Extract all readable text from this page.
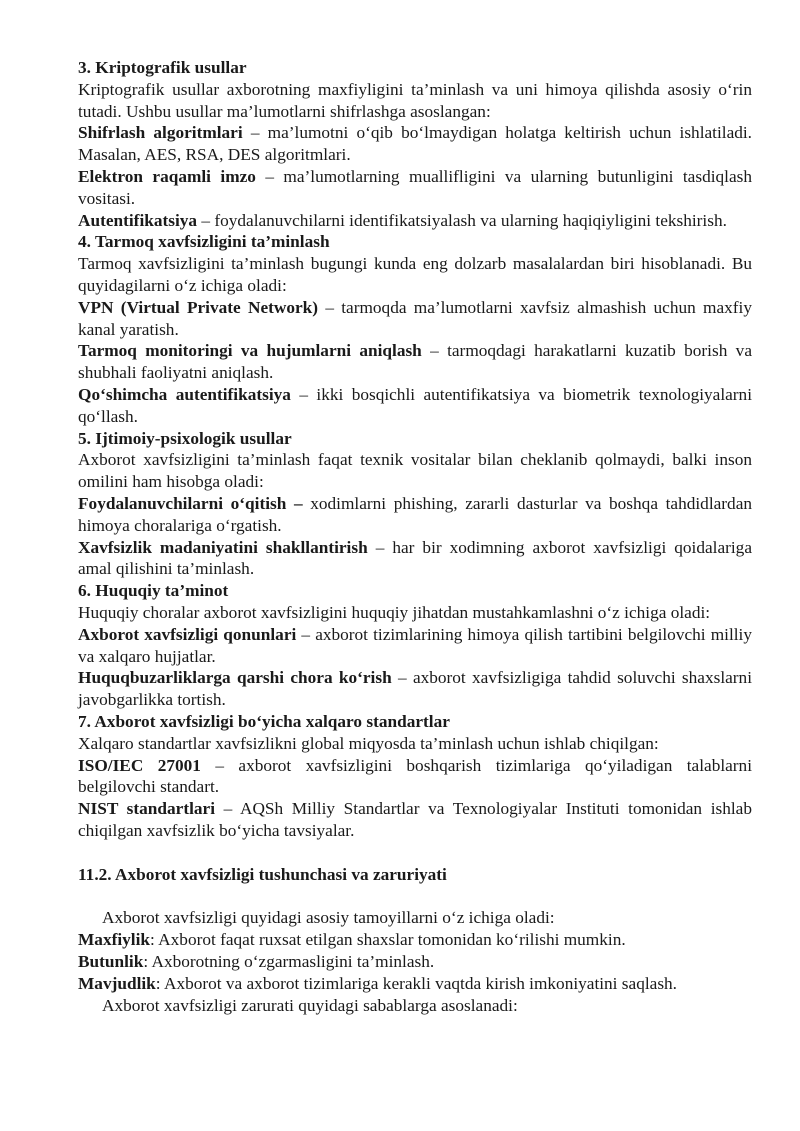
3. Kriptografik usullar
Kriptografik usullar axborotning maxfiyligini ta’minlash va uni himoya qilishda asosiy o‘rin tutadi. Ushbu usullar ma’lumotlarni shifrlashga asoslangan:
Shifrlash algoritmlari – ma’lumotni o‘qib bo‘lmaydigan holatga keltirish uchun ishlatiladi. Masalan, AES, RSA, DES algoritmlari.
Elektron raqamli imzo – ma’lumotlarning muallifligini va ularning butunligini tasdiqlash vositasi.
Autentifikatsiya – foydalanuvchilarni identifikatsiyalash va ularning haqiqiyligini tekshirish.
4. Tarmoq xavfsizligini ta’minlash
Tarmoq xavfsizligini ta’minlash bugungi kunda eng dolzarb masalalardan biri hisoblanadi. Bu quyidagilarni o‘z ichiga oladi:
VPN (Virtual Private Network) – tarmoqda ma’lumotlarni xavfsiz almashish uchun maxfiy kanal yaratish.
Tarmoq monitoringi va hujumlarni aniqlash – tarmoqdagi harakatlarni kuzatib borish va shubhali faoliyatni aniqlash.
Qo‘shimcha autentifikatsiya – ikki bosqichli autentifikatsiya va biometrik texnologiyalarni qo‘llash.
5. Ijtimoiy-psixologik usullar
Axborot xavfsizligini ta’minlash faqat texnik vositalar bilan cheklanib qolmaydi, balki inson omilini ham hisobga oladi:
Foydalanuvchilarni o‘qitish – xodimlarni phishing, zararli dasturlar va boshqa tahdidlardan himoya choralariga o‘rgatish.
Xavfsizlik madaniyatini shakllantirish – har bir xodimning axborot xavfsizligi qoidalariga amal qilishini ta’minlash.
6. Huquqiy ta’minot
Huquqiy choralar axborot xavfsizligini huquqiy jihatdan mustahkamlashni o‘z ichiga oladi:
Axborot xavfsizligi qonunlari – axborot tizimlarining himoya qilish tartibini belgilovchi milliy va xalqaro hujjatlar.
Huquqbuzarliklarga qarshi chora ko‘rish – axborot xavfsizligiga tahdid soluvchi shaxslarni javobgarlikka tortish.
7. Axborot xavfsizligi bo‘yicha xalqaro standartlar
Xalqaro standartlar xavfsizlikni global miqyosda ta’minlash uchun ishlab chiqilgan:
ISO/IEC 27001 – axborot xavfsizligini boshqarish tizimlariga qo‘yiladigan talablarni belgilovchi standart.
NIST standartlari – AQSh Milliy Standartlar va Texnologiyalar Instituti tomonidan ishlab chiqilgan xavfsizlik bo‘yicha tavsiyalar.
11.2. Axborot xavfsizligi tushunchasi va zaruriyati
Axborot xavfsizligi quyidagi asosiy tamoyillarni o‘z ichiga oladi:
Maxfiylik: Axborot faqat ruxsat etilgan shaxslar tomonidan ko‘rilishi mumkin.
Butunlik: Axborotning o‘zgarmasligini ta’minlash.
Mavjudlik: Axborot va axborot tizimlariga kerakli vaqtda kirish imkoniyatini saqlash.
Axborot xavfsizligi zarurati quyidagi sabablarga asoslanadi:
